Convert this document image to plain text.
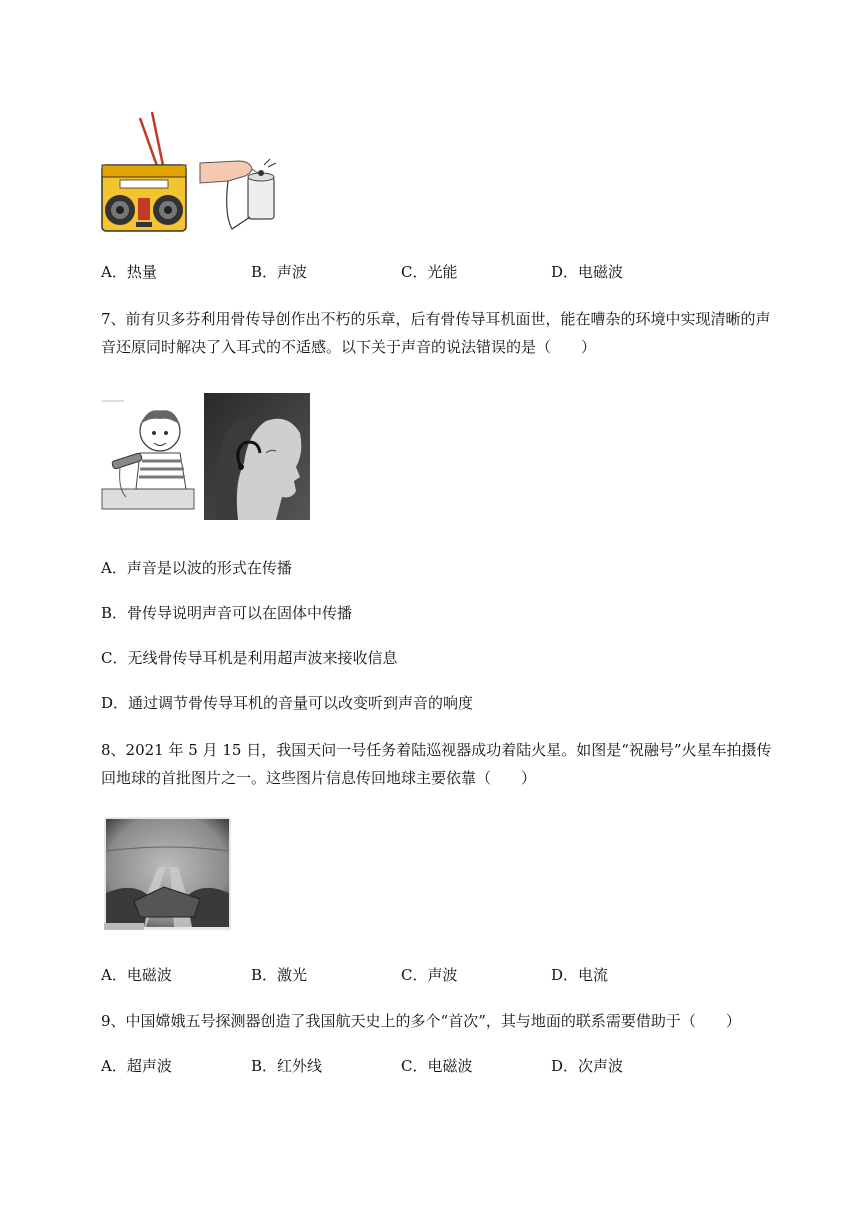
A．热量	B．声波	C．光能	D．电磁波
7、前有贝多芬利用骨传导创作出不朽的乐章，后有骨传导耳机面世，能在嘈杂的环境中实现清晰的声
音还原同时解决了入耳式的不适感。以下关于声音的说法错误的是（　　）
A．声音是以波的形式在传播
B．骨传导说明声音可以在固体中传播
C．无线骨传导耳机是利用超声波来接收信息
D．通过调节骨传导耳机的音量可以改变听到声音的响度
8、2021 年 5 月 15 日，我国天问一号任务着陆巡视器成功着陆火星。如图是“祝融号”火星车拍摄传
回地球的首批图片之一。这些图片信息传回地球主要依靠（　　）
A．电磁波	B．激光	C．声波	D．电流
9、中国嫦娥五号探测器创造了我国航天史上的多个“首次”，其与地面的联系需要借助于（　　）
A．超声波	B．红外线	C．电磁波	D．次声波
